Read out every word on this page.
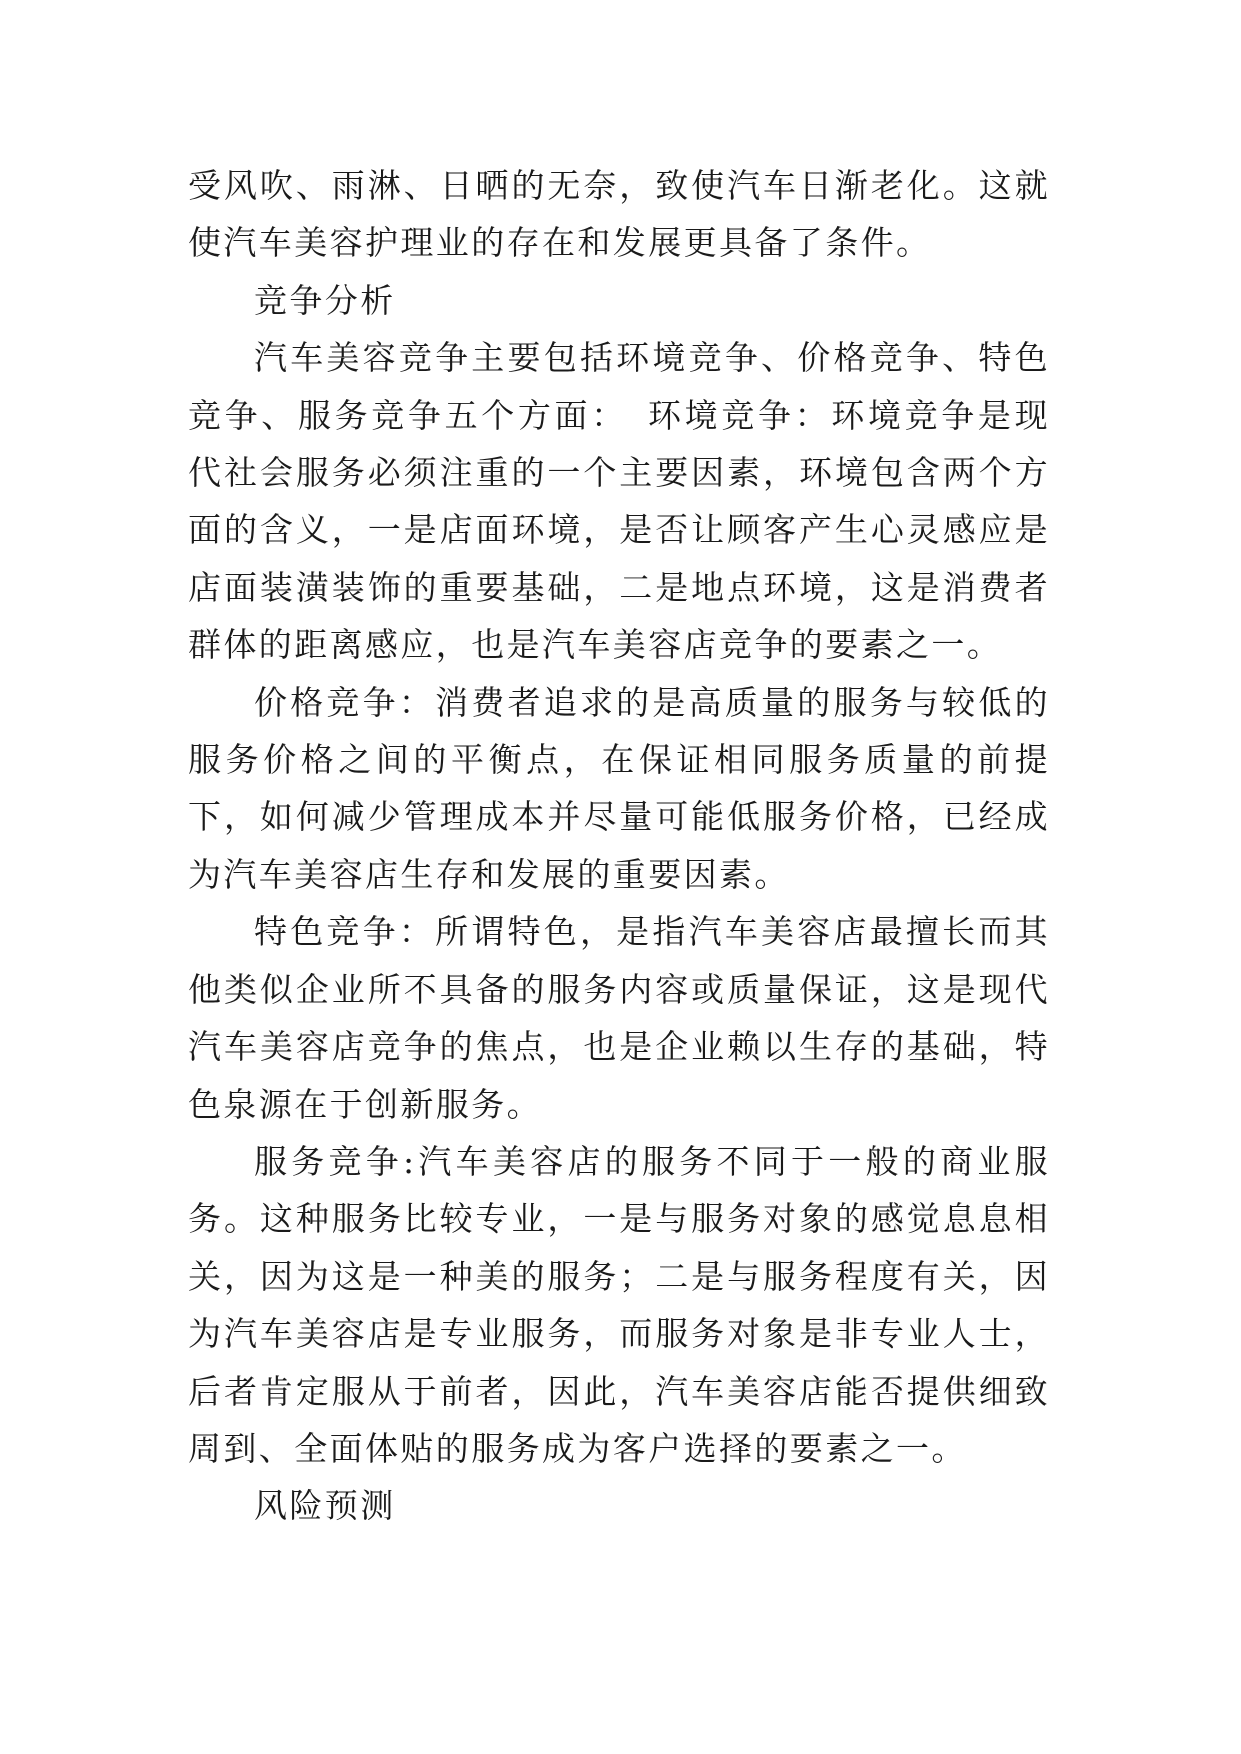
受风吹、雨淋、日晒的无奈，致使汽车日渐老化。这就使汽车美容护理业的存在和发展更具备了条件。

竞争分析

汽车美容竞争主要包括环境竞争、价格竞争、特色竞争、服务竞争五个方面：　环境竞争：环境竞争是现代社会服务必须注重的一个主要因素，环境包含两个方面的含义，一是店面环境，是否让顾客产生心灵感应是店面装潢装饰的重要基础，二是地点环境，这是消费者群体的距离感应，也是汽车美容店竞争的要素之一。

价格竞争：消费者追求的是高质量的服务与较低的服务价格之间的平衡点，在保证相同服务质量的前提下，如何减少管理成本并尽量可能低服务价格，已经成为汽车美容店生存和发展的重要因素。

特色竞争：所谓特色，是指汽车美容店最擅长而其他类似企业所不具备的服务内容或质量保证，这是现代汽车美容店竞争的焦点，也是企业赖以生存的基础，特色泉源在于创新服务。

服务竞争:汽车美容店的服务不同于一般的商业服务。这种服务比较专业，一是与服务对象的感觉息息相关，因为这是一种美的服务；二是与服务程度有关，因为汽车美容店是专业服务，而服务对象是非专业人士，后者肯定服从于前者，因此，汽车美容店能否提供细致周到、全面体贴的服务成为客户选择的要素之一。

风险预测
